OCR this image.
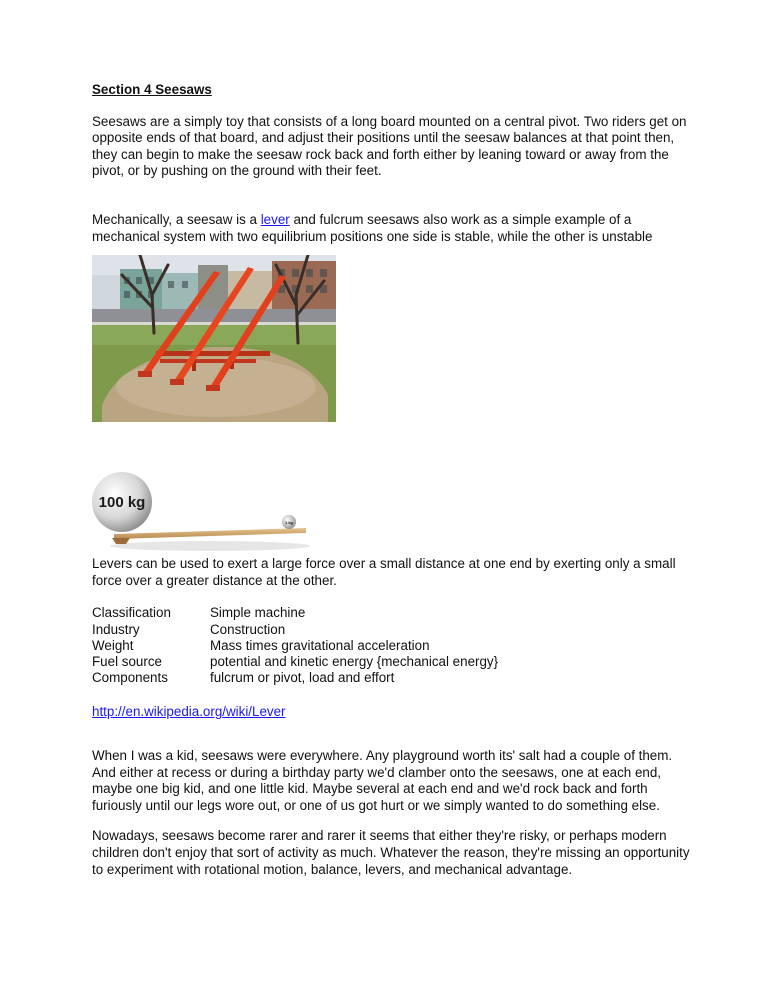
Section 4 Seesaws

Seesaws are a simply toy that consists of a long board mounted on a central pivot. Two riders get on opposite ends of that board, and adjust their positions until the seesaw balances at that point then, they can begin to make the seesaw rock back and forth either by leaning toward or away from the pivot, or by pushing on the ground with their feet.

Mechanically, a seesaw is a lever and fulcrum seesaws also work as a simple example of a mechanical system with two equilibrium positions one side is stable, while the other is unstable

100 kg
1 kg

Levers can be used to exert a large force over a small distance at one end by exerting only a small force over a greater distance at the other.

Classification	Simple machine
Industry	Construction
Weight	Mass times gravitational acceleration
Fuel source	potential and kinetic energy {mechanical energy}
Components	fulcrum or pivot, load and effort

http://en.wikipedia.org/wiki/Lever

When I was a kid, seesaws were everywhere. Any playground worth its' salt had a couple of them. And either at recess or during a birthday party we'd clamber onto the seesaws, one at each end, maybe one big kid, and one little kid. Maybe several at each end and we'd rock back and forth furiously until our legs wore out, or one of us got hurt or we simply wanted to do something else.

Nowadays, seesaws become rarer and rarer it seems that either they're risky, or perhaps modern children don't enjoy that sort of activity as much. Whatever the reason, they're missing an opportunity to experiment with rotational motion, balance, levers, and mechanical advantage.
